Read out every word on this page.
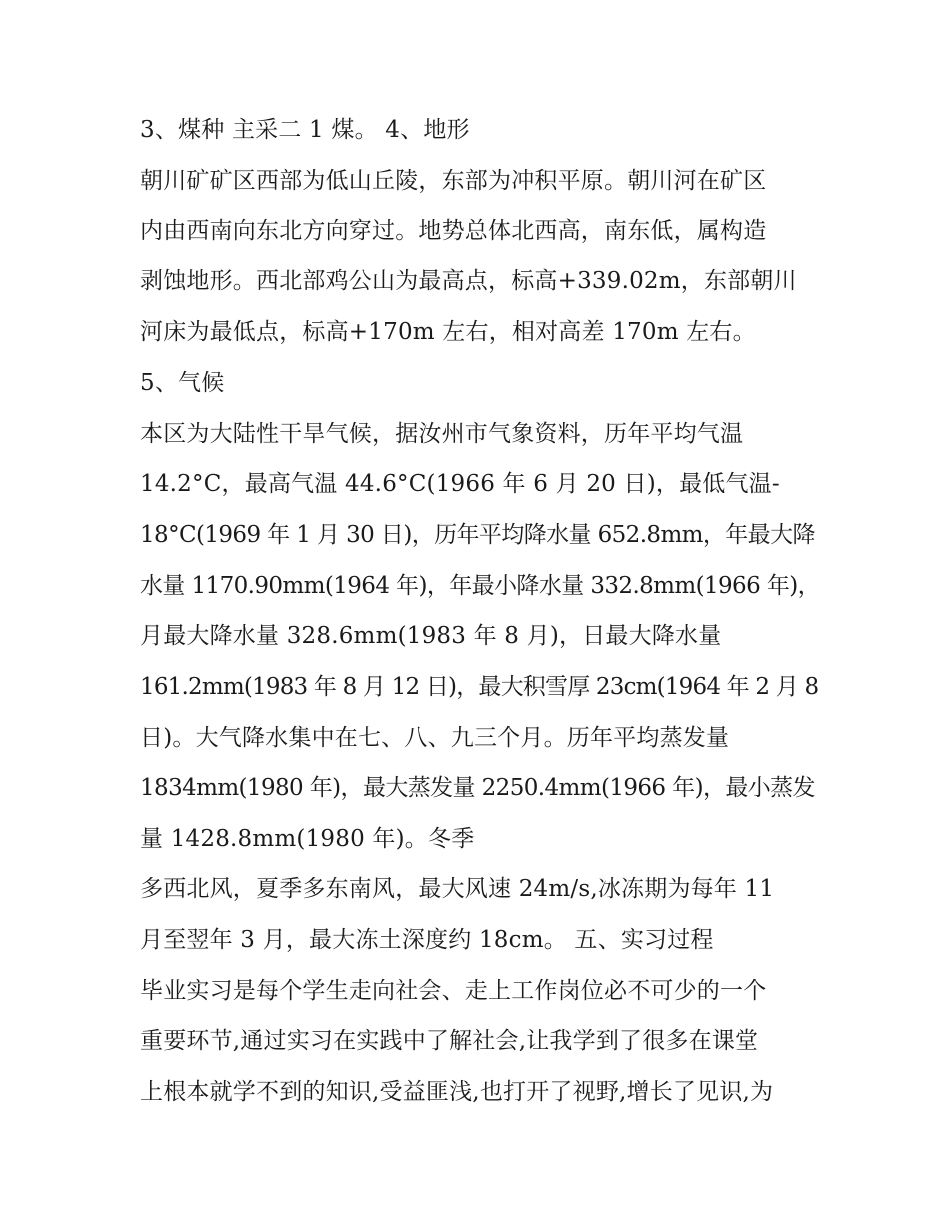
3、煤种 主采二 1 煤。 4、地形
朝川矿矿区西部为低山丘陵，东部为冲积平原。朝川河在矿区
内由西南向东北方向穿过。地势总体北西高，南东低，属构造
剥蚀地形。西北部鸡公山为最高点，标高+339.02m，东部朝川
河床为最低点，标高+170m 左右，相对高差 170m 左右。
5、气候
本区为大陆性干旱气候，据汝州市气象资料，历年平均气温
14.2°C，最高气温 44.6°C(1966 年 6 月 20 日)，最低气温-
18°C(1969 年 1 月 30 日)，历年平均降水量 652.8mm，年最大降
水量 1170.90mm(1964 年)，年最小降水量 332.8mm(1966 年)，
月最大降水量 328.6mm(1983 年 8 月)，日最大降水量
161.2mm(1983 年 8 月 12 日)，最大积雪厚 23cm(1964 年 2 月 8
日)。大气降水集中在七、八、九三个月。历年平均蒸发量
1834mm(1980 年)，最大蒸发量 2250.4mm(1966 年)，最小蒸发
量 1428.8mm(1980 年)。冬季
多西北风，夏季多东南风，最大风速 24m/s,冰冻期为每年 11
月至翌年 3 月，最大冻土深度约 18cm。 五、实习过程
毕业实习是每个学生走向社会、走上工作岗位必不可少的一个
重要环节,通过实习在实践中了解社会,让我学到了很多在课堂
上根本就学不到的知识,受益匪浅,也打开了视野,增长了见识,为
